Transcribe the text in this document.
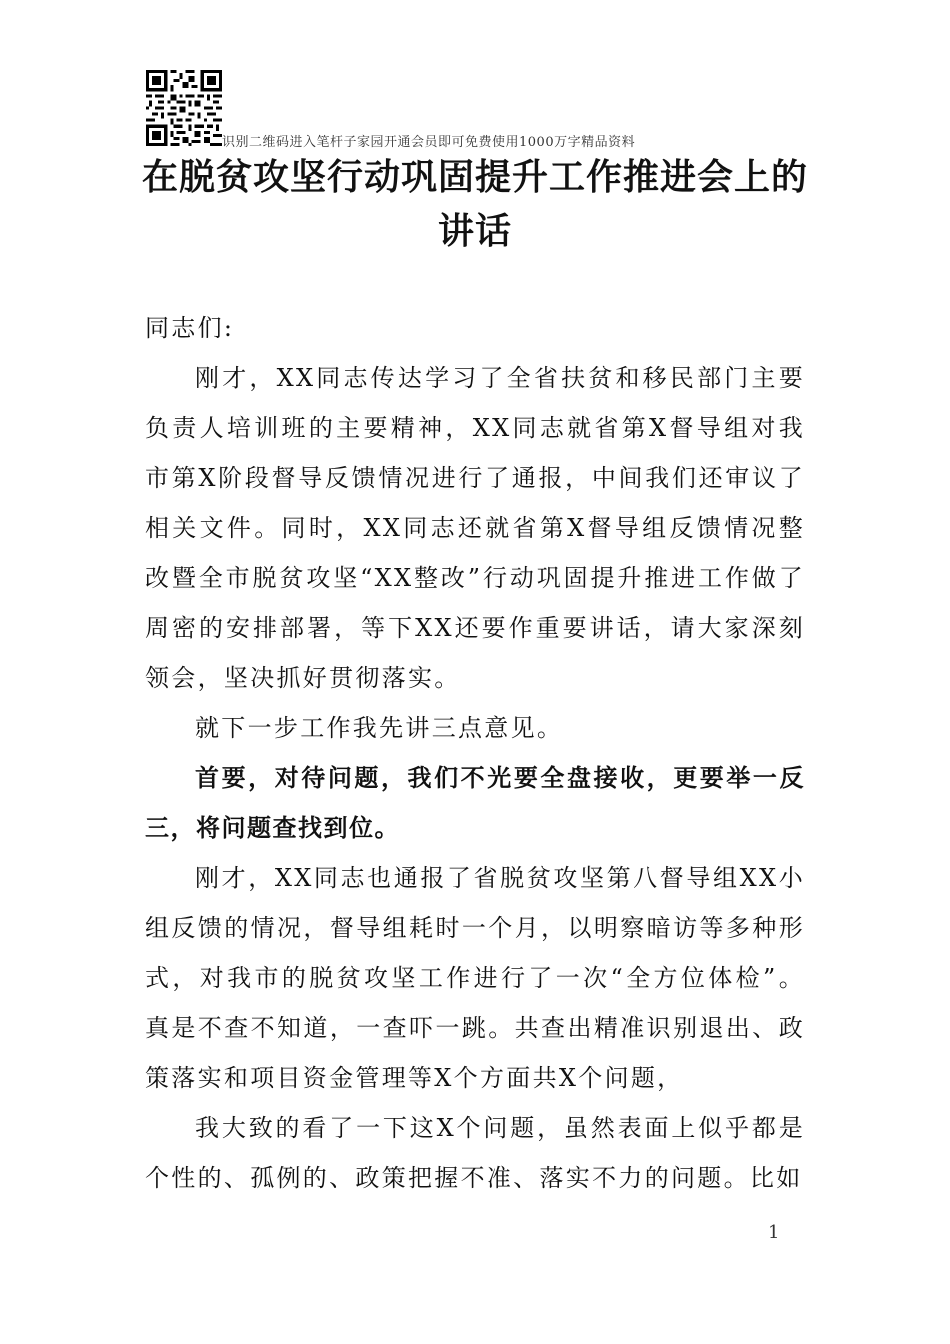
识别二维码进入笔杆子家园开通会员即可免费使用1000万字精品资料
在脱贫攻坚行动巩固提升工作推进会上的
讲话

同志们:

刚才，XX同志传达学习了全省扶贫和移民部门主要负责人培训班的主要精神，XX同志就省第X督导组对我市第X阶段督导反馈情况进行了通报，中间我们还审议了相关文件。同时，XX同志还就省第X督导组反馈情况整改暨全市脱贫攻坚“XX整改”行动巩固提升推进工作做了周密的安排部署，等下XX还要作重要讲话，请大家深刻领会，坚决抓好贯彻落实。

就下一步工作我先讲三点意见。

首要，对待问题，我们不光要全盘接收，更要举一反三，将问题查找到位。

刚才，XX同志也通报了省脱贫攻坚第八督导组XX小组反馈的情况，督导组耗时一个月，以明察暗访等多种形式，对我市的脱贫攻坚工作进行了一次“全方位体检”。真是不查不知道，一查吓一跳。共查出精准识别退出、政策落实和项目资金管理等X个方面共X个问题，

我大致的看了一下这X个问题，虽然表面上似乎都是个性的、孤例的、政策把握不准、落实不力的问题。比如

1
